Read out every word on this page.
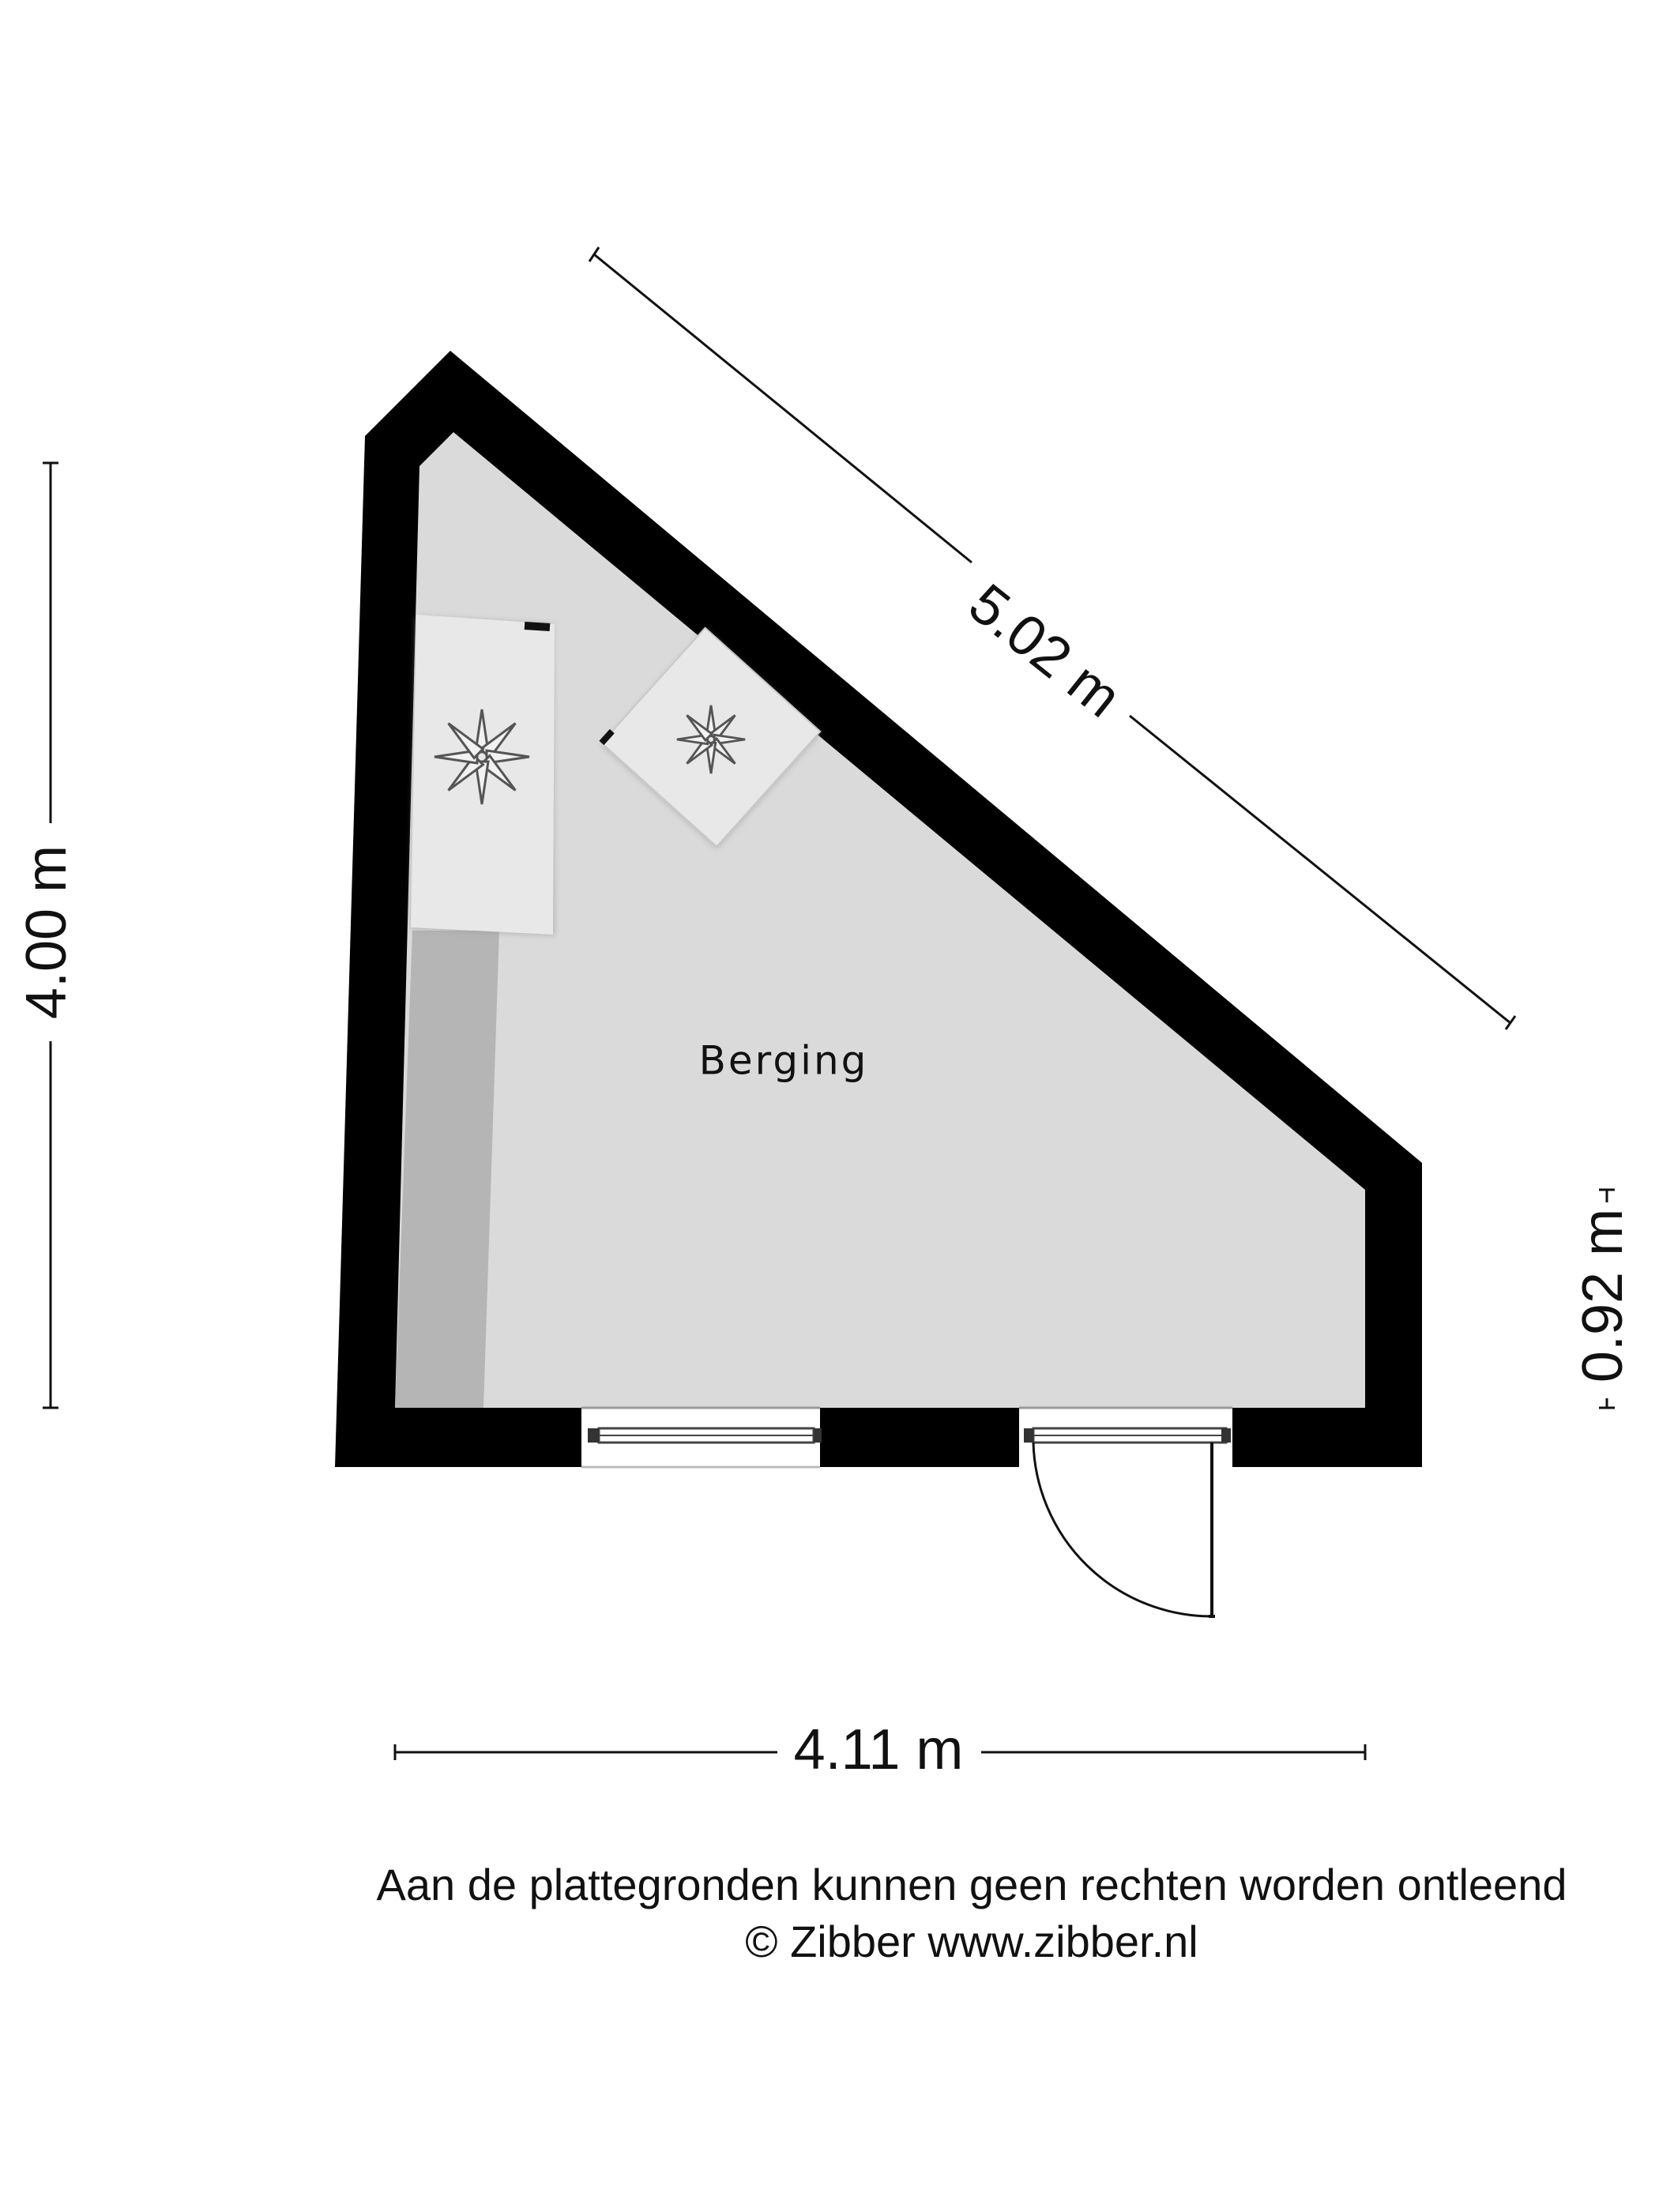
5.02 m
4.00 m
0.92 m
4.11 m
Berging
Aan de plattegronden kunnen geen rechten worden ontleend
© Zibber www.zibber.nl
